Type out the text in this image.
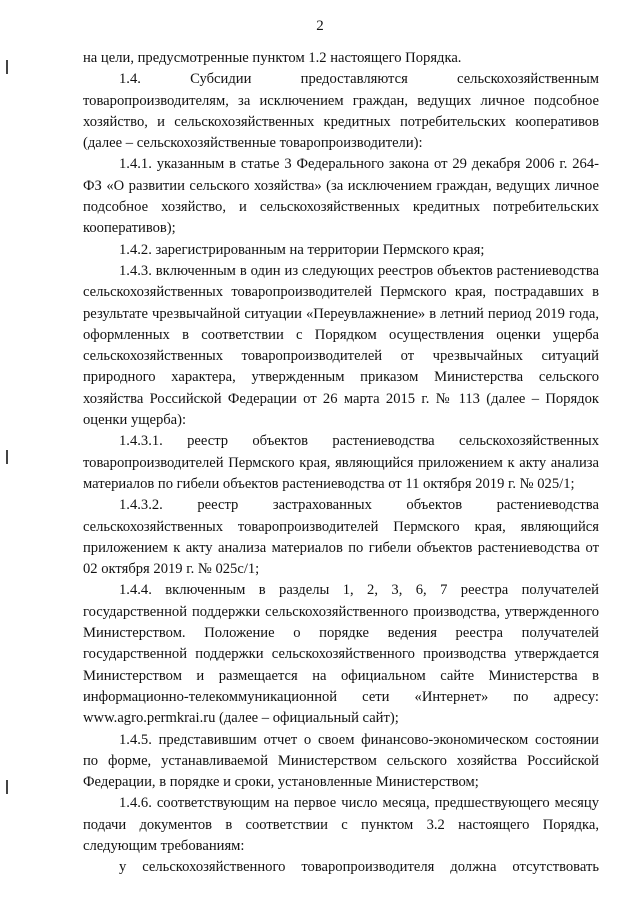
2

на цели, предусмотренные пунктом 1.2 настоящего Порядка.

1.4. Субсидии предоставляются сельскохозяйственным товаропроизводителям, за исключением граждан, ведущих личное подсобное хозяйство, и сельскохозяйственных кредитных потребительских кооперативов (далее – сельскохозяйственные товаропроизводители):

1.4.1. указанным в статье 3 Федерального закона от 29 декабря 2006 г. 264-ФЗ «О развитии сельского хозяйства» (за исключением граждан, ведущих личное подсобное хозяйство, и сельскохозяйственных кредитных потребительских кооперативов);

1.4.2. зарегистрированным на территории Пермского края;

1.4.3. включенным в один из следующих реестров объектов растениеводства сельскохозяйственных товаропроизводителей Пермского края, пострадавших в результате чрезвычайной ситуации «Переувлажнение» в летний период 2019 года, оформленных в соответствии с Порядком осуществления оценки ущерба сельскохозяйственных товаропроизводителей от чрезвычайных ситуаций природного характера, утвержденным приказом Министерства сельского хозяйства Российской Федерации от 26 марта 2015 г. № 113 (далее – Порядок оценки ущерба):

1.4.3.1. реестр объектов растениеводства сельскохозяйственных товаропроизводителей Пермского края, являющийся приложением к акту анализа материалов по гибели объектов растениеводства от 11 октября 2019 г. № 025/1;

1.4.3.2. реестр застрахованных объектов растениеводства сельскохозяйственных товаропроизводителей Пермского края, являющийся приложением к акту анализа материалов по гибели объектов растениеводства от 02 октября 2019 г. № 025с/1;

1.4.4. включенным в разделы 1, 2, 3, 6, 7 реестра получателей государственной поддержки сельскохозяйственного производства, утвержденного Министерством. Положение о порядке ведения реестра получателей государственной поддержки сельскохозяйственного производства утверждается Министерством и размещается на официальном сайте Министерства в информационно-телекоммуникационной сети «Интернет» по адресу: www.agro.permkrai.ru (далее – официальный сайт);

1.4.5. представившим отчет о своем финансово-экономическом состоянии по форме, устанавливаемой Министерством сельского хозяйства Российской Федерации, в порядке и сроки, установленные Министерством;

1.4.6. соответствующим на первое число месяца, предшествующего месяцу подачи документов в соответствии с пунктом 3.2 настоящего Порядка, следующим требованиям:

у сельскохозяйственного товаропроизводителя должна отсутствовать
